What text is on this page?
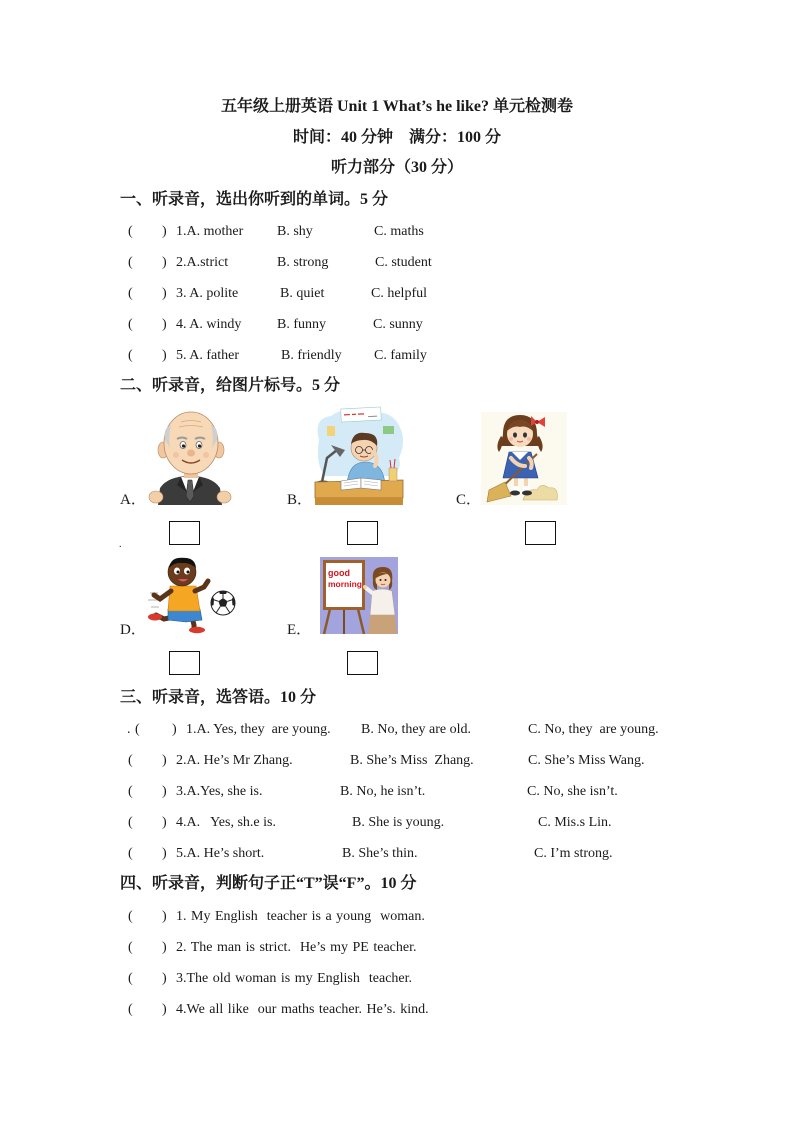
五年级上册英语 Unit 1 What’s he like? 单元检测卷
时间：40 分钟    满分：100 分
听力部分（30 分）
一、听录音，选出你听到的单词。5 分
( ) 1.A. mother B. shy	C. maths
( ) 2.A.strict	B. strong	C. student
( ) 3. A. polite	B. quiet	C. helpful
( ) 4. A. windy	B. funny	C. sunny
( ) 5. A. father	B. friendly C. family
二、听录音，给图片标号。5 分
A．	B．	C．
.
D．	E．
good
morning
三、听录音，选答语。10 分
. ( ) 1.A. Yes, they  are young. B. No, they are old.	C. No, they  are young.
( ) 2.A. He’s Mr Zhang.	B. She’s Miss  Zhang.	C. She’s Miss Wang.
( ) 3.A.Yes, she is.	B. No, he isn’t.	C. No, she isn’t.
( ) 4.A.   Yes, sh.e is.	B. She is young.	C. Mis.s Lin.
( ) 5.A. He’s short.	B. She’s thin.	C. I’m strong.
四、听录音，判断句子正“T”误“F”。10 分
( ) 1. My English  teacher is a young  woman.
( ) 2. The man is strict.  He’s my PE teacher.
( ) 3.The old woman is my English  teacher.
( ) 4.We all like  our maths teacher. He’s. kind.
